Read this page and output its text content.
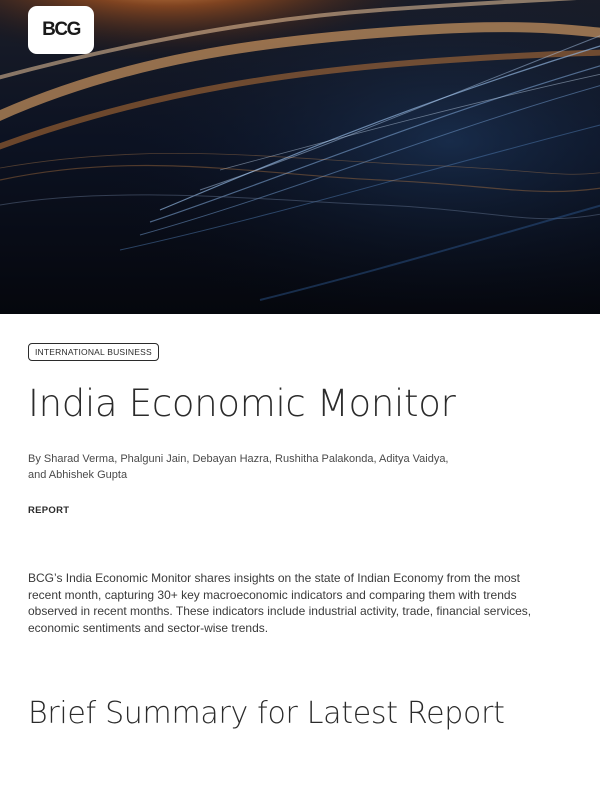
BCG
INTERNATIONAL BUSINESS
India Economic Monitor
By Sharad Verma, Phalguni Jain, Debayan Hazra, Rushitha Palakonda, Aditya Vaidya,
and Abhishek Gupta
REPORT
BCG’s India Economic Monitor shares insights on the state of Indian Economy from the most
recent month, capturing 30+ key macroeconomic indicators and comparing them with trends
observed in recent months. These indicators include industrial activity, trade, financial services,
economic sentiments and sector-wise trends.
Brief Summary for Latest Report
